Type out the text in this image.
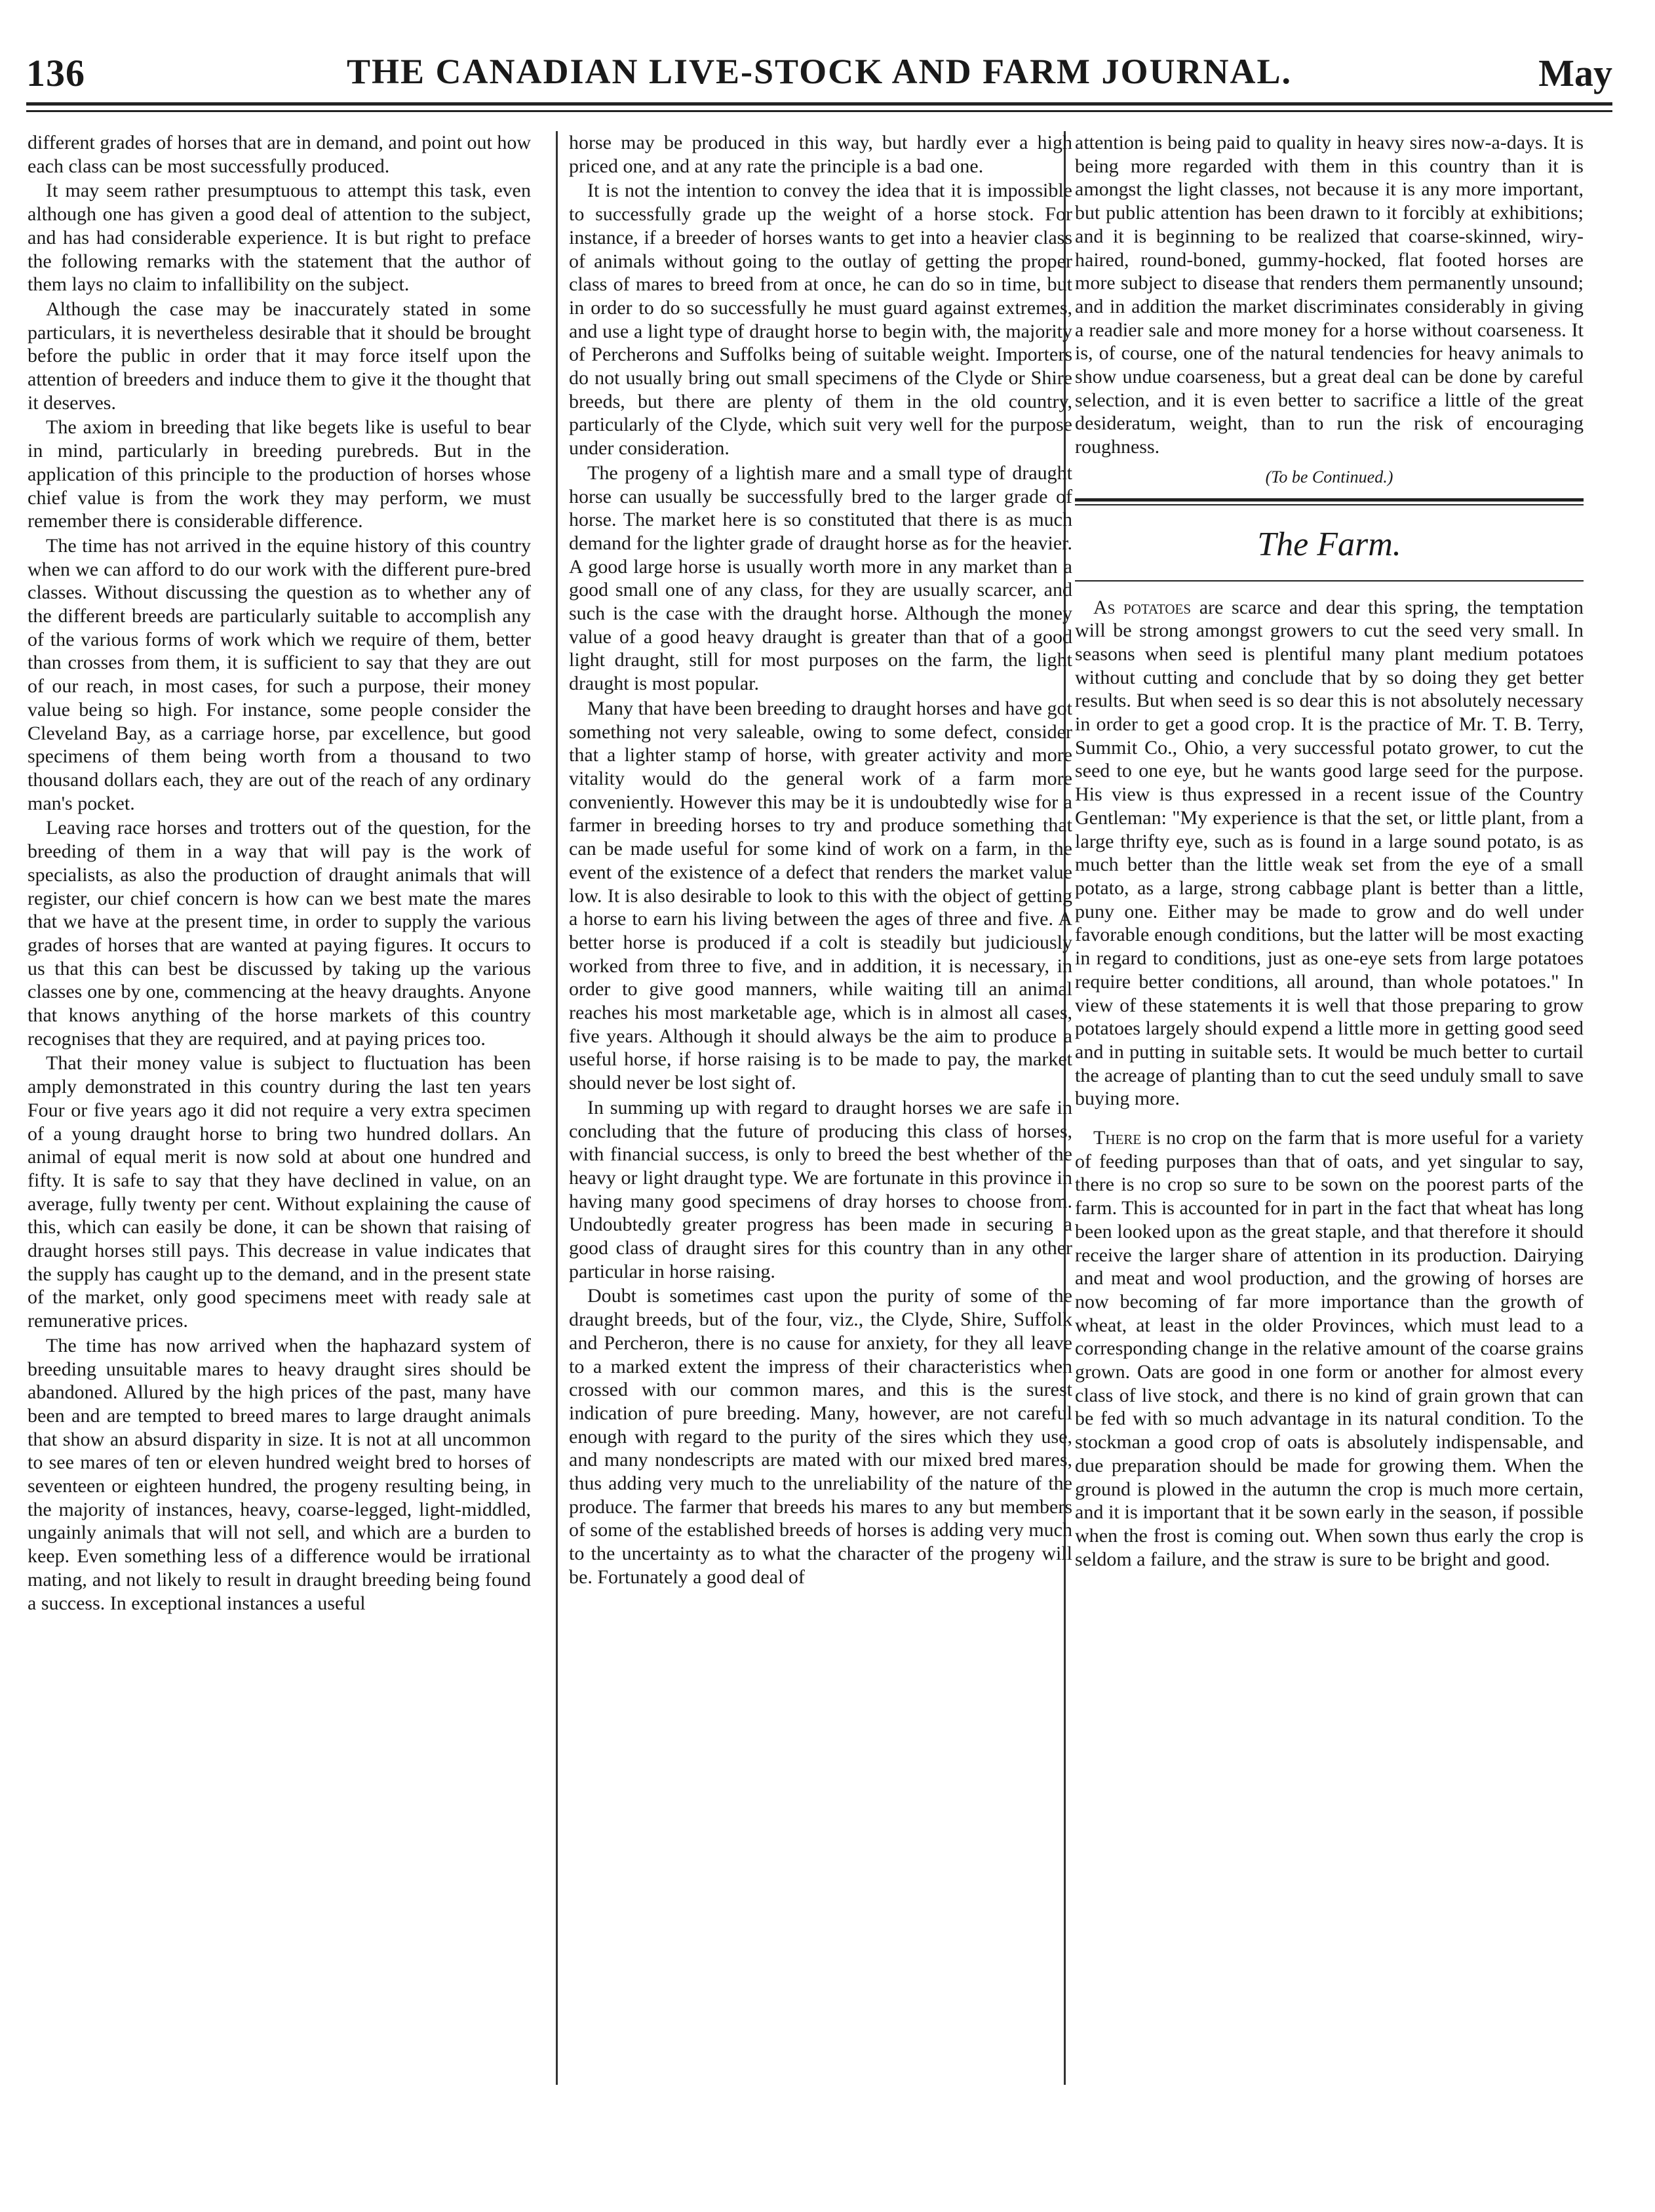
136	THE CANADIAN LIVE-STOCK AND FARM JOURNAL.	May

different grades of horses that are in demand, and point out how each class can be most successfully produced.

It may seem rather presumptuous to attempt this task, even although one has given a good deal of attention to the subject, and has had considerable experience. It is but right to preface the following remarks with the statement that the author of them lays no claim to infallibility on the subject.

Although the case may be inaccurately stated in some particulars, it is nevertheless desirable that it should be brought before the public in order that it may force itself upon the attention of breeders and induce them to give it the thought that it deserves.

The axiom in breeding that like begets like is useful to bear in mind, particularly in breeding purebreds. But in the application of this principle to the production of horses whose chief value is from the work they may perform, we must remember there is considerable difference.

The time has not arrived in the equine history of this country when we can afford to do our work with the different pure-bred classes. Without discussing the question as to whether any of the different breeds are particularly suitable to accomplish any of the various forms of work which we require of them, better than crosses from them, it is sufficient to say that they are out of our reach, in most cases, for such a purpose, their money value being so high. For instance, some people consider the Cleveland Bay, as a carriage horse, par excellence, but good specimens of them being worth from a thousand to two thousand dollars each, they are out of the reach of any ordinary man's pocket.

Leaving race horses and trotters out of the question, for the breeding of them in a way that will pay is the work of specialists, as also the production of draught animals that will register, our chief concern is how can we best mate the mares that we have at the present time, in order to supply the various grades of horses that are wanted at paying figures. It occurs to us that this can best be discussed by taking up the various classes one by one, commencing at the heavy draughts. Anyone that knows anything of the horse markets of this country recognises that they are required, and at paying prices too.

That their money value is subject to fluctuation has been amply demonstrated in this country during the last ten years Four or five years ago it did not require a very extra specimen of a young draught horse to bring two hundred dollars. An animal of equal merit is now sold at about one hundred and fifty. It is safe to say that they have declined in value, on an average, fully twenty per cent. Without explaining the cause of this, which can easily be done, it can be shown that raising of draught horses still pays. This decrease in value indicates that the supply has caught up to the demand, and in the present state of the market, only good specimens meet with ready sale at remunerative prices.

The time has now arrived when the haphazard system of breeding unsuitable mares to heavy draught sires should be abandoned. Allured by the high prices of the past, many have been and are tempted to breed mares to large draught animals that show an absurd disparity in size. It is not at all uncommon to see mares of ten or eleven hundred weight bred to horses of seventeen or eighteen hundred, the progeny resulting being, in the majority of instances, heavy, coarse-legged, light-middled, ungainly animals that will not sell, and which are a burden to keep. Even something less of a difference would be irrational mating, and not likely to result in draught breeding being found a success. In exceptional instances a useful

horse may be produced in this way, but hardly ever a high priced one, and at any rate the principle is a bad one.

It is not the intention to convey the idea that it is impossible to successfully grade up the weight of a horse stock. For instance, if a breeder of horses wants to get into a heavier class of animals without going to the outlay of getting the proper class of mares to breed from at once, he can do so in time, but in order to do so successfully he must guard against extremes, and use a light type of draught horse to begin with, the majority of Percherons and Suffolks being of suitable weight. Importers do not usually bring out small specimens of the Clyde or Shire breeds, but there are plenty of them in the old country, particularly of the Clyde, which suit very well for the purpose under consideration.

The progeny of a lightish mare and a small type of draught horse can usually be successfully bred to the larger grade of horse. The market here is so constituted that there is as much demand for the lighter grade of draught horse as for the heavier. A good large horse is usually worth more in any market than a good small one of any class, for they are usually scarcer, and such is the case with the draught horse. Although the money value of a good heavy draught is greater than that of a good light draught, still for most purposes on the farm, the light draught is most popular.

Many that have been breeding to draught horses and have got something not very saleable, owing to some defect, consider that a lighter stamp of horse, with greater activity and more vitality would do the general work of a farm more conveniently. However this may be it is undoubtedly wise for a farmer in breeding horses to try and produce something that can be made useful for some kind of work on a farm, in the event of the existence of a defect that renders the market value low. It is also desirable to look to this with the object of getting a horse to earn his living between the ages of three and five. A better horse is produced if a colt is steadily but judiciously worked from three to five, and in addition, it is necessary, in order to give good manners, while waiting till an animal reaches his most marketable age, which is in almost all cases, five years. Although it should always be the aim to produce a useful horse, if horse raising is to be made to pay, the market should never be lost sight of.

In summing up with regard to draught horses we are safe in concluding that the future of producing this class of horses, with financial success, is only to breed the best whether of the heavy or light draught type. We are fortunate in this province in having many good specimens of dray horses to choose from. Undoubtedly greater progress has been made in securing a good class of draught sires for this country than in any other particular in horse raising.

Doubt is sometimes cast upon the purity of some of the draught breeds, but of the four, viz., the Clyde, Shire, Suffolk and Percheron, there is no cause for anxiety, for they all leave to a marked extent the impress of their characteristics when crossed with our common mares, and this is the surest indication of pure breeding. Many, however, are not careful enough with regard to the purity of the sires which they use, and many nondescripts are mated with our mixed bred mares, thus adding very much to the unreliability of the nature of the produce. The farmer that breeds his mares to any but members of some of the established breeds of horses is adding very much to the uncertainty as to what the character of the progeny will be. Fortunately a good deal of

attention is being paid to quality in heavy sires now-a-days. It is being more regarded with them in this country than it is amongst the light classes, not because it is any more important, but public attention has been drawn to it forcibly at exhibitions; and it is beginning to be realized that coarse-skinned, wiry-haired, round-boned, gummy-hocked, flat footed horses are more subject to disease that renders them permanently unsound; and in addition the market discriminates considerably in giving a readier sale and more money for a horse without coarseness. It is, of course, one of the natural tendencies for heavy animals to show undue coarseness, but a great deal can be done by careful selection, and it is even better to sacrifice a little of the great desideratum, weight, than to run the risk of encouraging roughness.

(To be Continued.)
The Farm.

As potatoes are scarce and dear this spring, the temptation will be strong amongst growers to cut the seed very small. In seasons when seed is plentiful many plant medium potatoes without cutting and conclude that by so doing they get better results. But when seed is so dear this is not absolutely necessary in order to get a good crop. It is the practice of Mr. T. B. Terry, Summit Co., Ohio, a very successful potato grower, to cut the seed to one eye, but he wants good large seed for the purpose. His view is thus expressed in a recent issue of the Country Gentleman: "My experience is that the set, or little plant, from a large thrifty eye, such as is found in a large sound potato, is as much better than the little weak set from the eye of a small potato, as a large, strong cabbage plant is better than a little, puny one. Either may be made to grow and do well under favorable enough conditions, but the latter will be most exacting in regard to conditions, just as one-eye sets from large potatoes require better conditions, all around, than whole potatoes." In view of these statements it is well that those preparing to grow potatoes largely should expend a little more in getting good seed and in putting in suitable sets. It would be much better to curtail the acreage of planting than to cut the seed unduly small to save buying more.

There is no crop on the farm that is more useful for a variety of feeding purposes than that of oats, and yet singular to say, there is no crop so sure to be sown on the poorest parts of the farm. This is accounted for in part in the fact that wheat has long been looked upon as the great staple, and that therefore it should receive the larger share of attention in its production. Dairying and meat and wool production, and the growing of horses are now becoming of far more importance than the growth of wheat, at least in the older Provinces, which must lead to a corresponding change in the relative amount of the coarse grains grown. Oats are good in one form or another for almost every class of live stock, and there is no kind of grain grown that can be fed with so much advantage in its natural condition. To the stockman a good crop of oats is absolutely indispensable, and due preparation should be made for growing them. When the ground is plowed in the autumn the crop is much more certain, and it is important that it be sown early in the season, if possible when the frost is coming out. When sown thus early the crop is seldom a failure, and the straw is sure to be bright and good.
